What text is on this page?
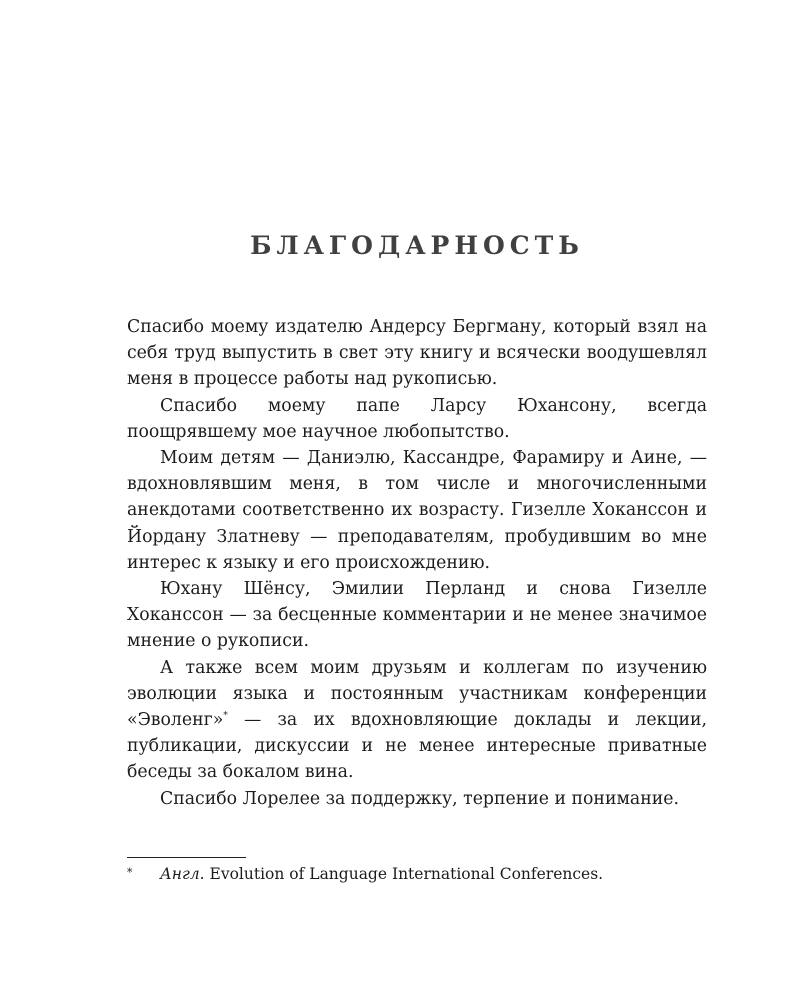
БЛАГОДАРНОСТЬ

Спасибо моему издателю Андерсу Бергману, который взял на себя труд выпустить в свет эту книгу и всячески воодушевлял меня в процессе работы над рукописью.

Спасибо моему папе Ларсу Юхансону, всегда поощрявшему мое научное любопытство.

Моим детям — Даниэлю, Кассандре, Фарамиру и Аине, — вдохновлявшим меня, в том числе и многочисленными анекдотами соответственно их возрасту. Гизелле Хоканссон и Йордану Златневу — преподавателям, пробудившим во мне интерес к языку и его происхождению.

Юхану Шёнсу, Эмилии Перланд и снова Гизелле Хоканссон — за бесценные комментарии и не менее значимое мнение о рукописи.

А также всем моим друзьям и коллегам по изучению эволюции языка и постоянным участникам конференции «Эволенг»* — за их вдохновляющие доклады и лекции, публикации, дискуссии и не менее интересные приватные беседы за бокалом вина.

Спасибо Лорелее за поддержку, терпение и понимание.

* Англ. Evolution of Language International Conferences.
